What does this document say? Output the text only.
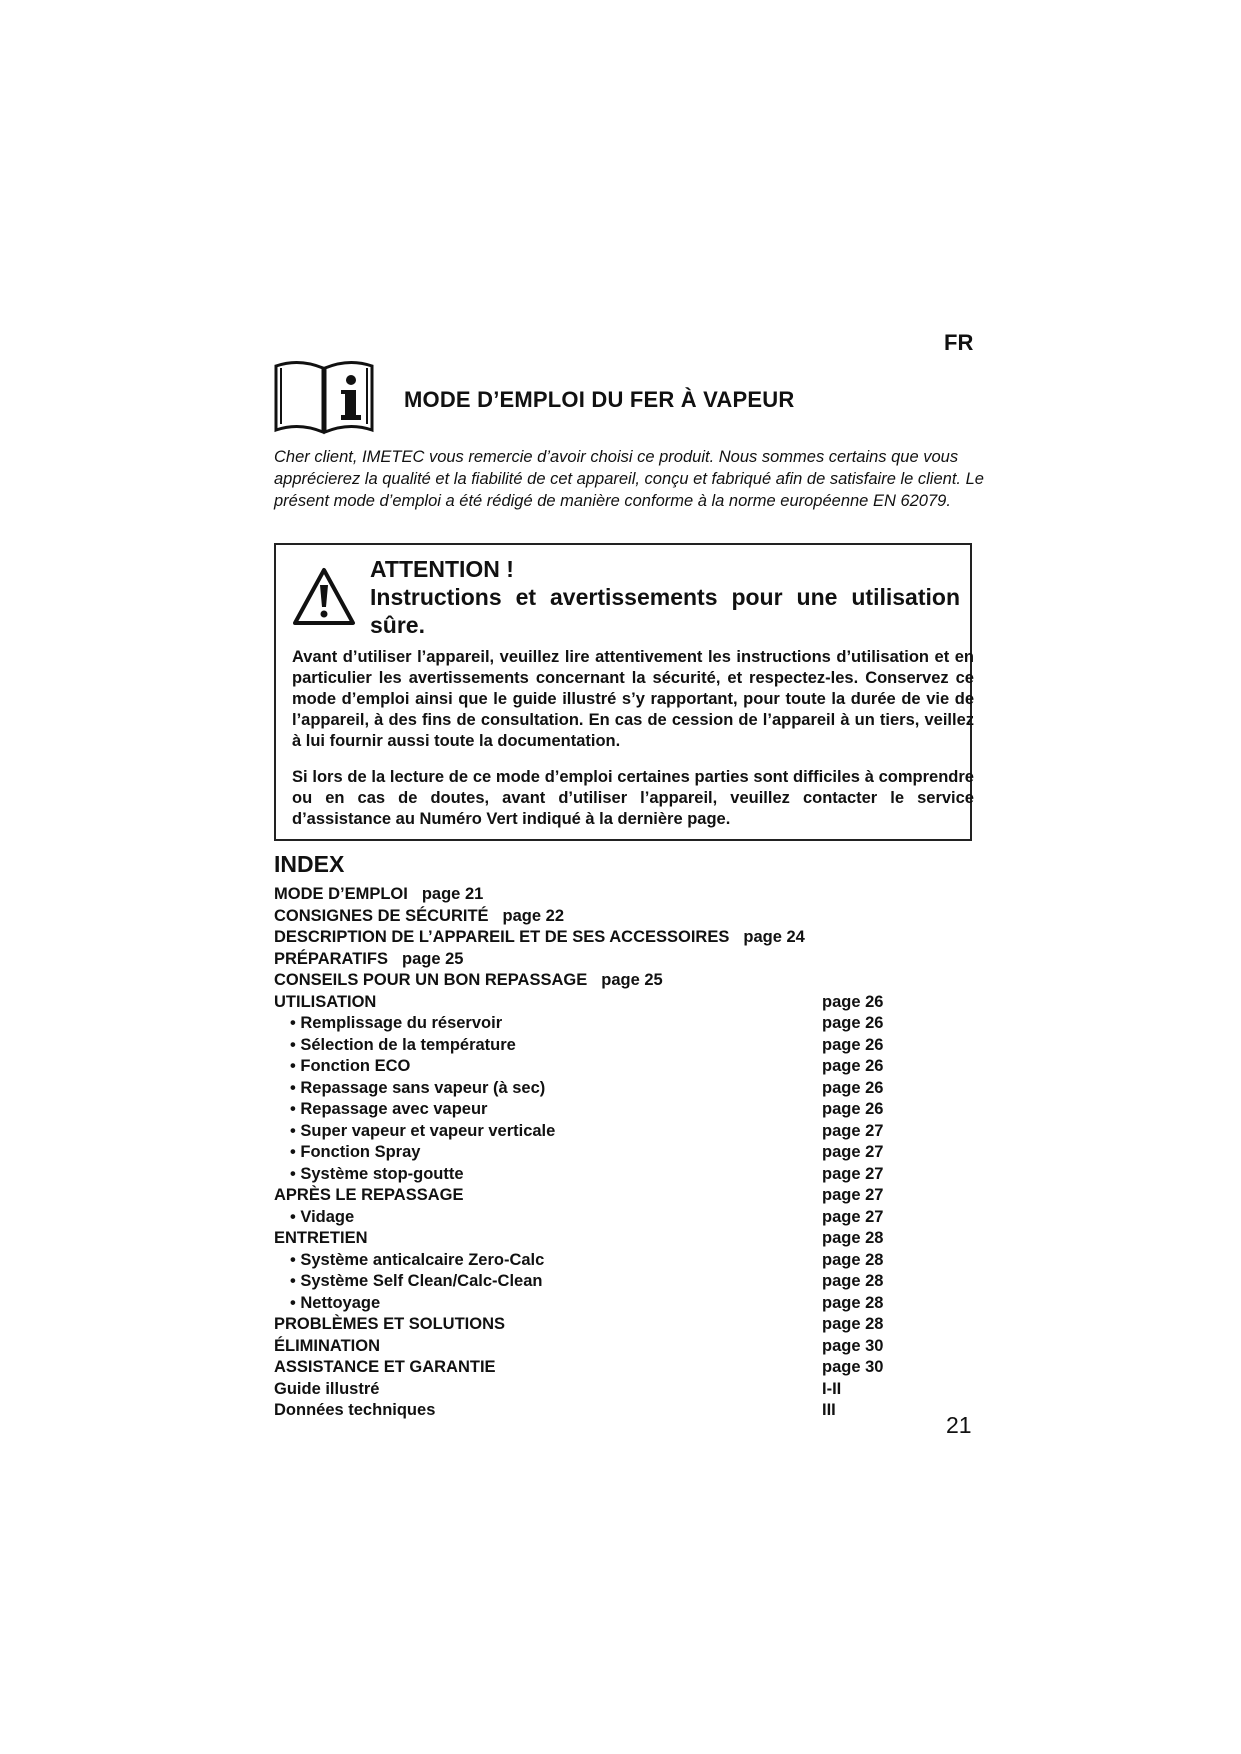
FR
MODE D’EMPLOI DU FER À VAPEUR
Cher client, IMETEC vous remercie d’avoir choisi ce produit. Nous sommes certains que vous apprécierez la qualité et la fiabilité de cet appareil, conçu et fabriqué afin de satisfaire le client. Le présent mode d’emploi a été rédigé de manière conforme à la norme européenne EN 62079.
ATTENTION !
Instructions et avertissements pour une utilisation sûre.
Avant d’utiliser l’appareil, veuillez lire attentivement les instructions d’utilisation et en particulier les avertissements concernant la sécurité, et respectez-les. Conservez ce mode d’emploi ainsi que le guide illustré s’y rapportant, pour toute la durée de vie de l’appareil, à des fins de consultation. En cas de cession de l’appareil à un tiers, veillez à lui fournir aussi toute la documentation.
Si lors de la lecture de ce mode d’emploi certaines parties sont difficiles à comprendre ou en cas de doutes, avant d’utiliser l’appareil, veuillez contacter le service d’assistance au Numéro Vert indiqué à la dernière page.
INDEX
MODE D’EMPLOI page 21
CONSIGNES DE SÉCURITÉ page 22
DESCRIPTION DE L’APPAREIL ET DE SES ACCESSOIRES page 24
PRÉPARATIFS page 25
CONSEILS POUR UN BON REPASSAGE page 25
UTILISATION	page 26
• Remplissage du réservoir	page 26
• Sélection de la température	page 26
• Fonction ECO	page 26
• Repassage sans vapeur (à sec)	page 26
• Repassage avec vapeur	page 26
• Super vapeur et vapeur verticale	page 27
• Fonction Spray	page 27
• Système stop-goutte	page 27
APRÈS LE REPASSAGE	page 27
• Vidage	page 27
ENTRETIEN	page 28
• Système anticalcaire Zero-Calc	page 28
• Système Self Clean/Calc-Clean	page 28
• Nettoyage	page 28
PROBLÈMES ET SOLUTIONS	page 28
ÉLIMINATION	page 30
ASSISTANCE ET GARANTIE	page 30
Guide illustré	I-II
Données techniques	III
21
